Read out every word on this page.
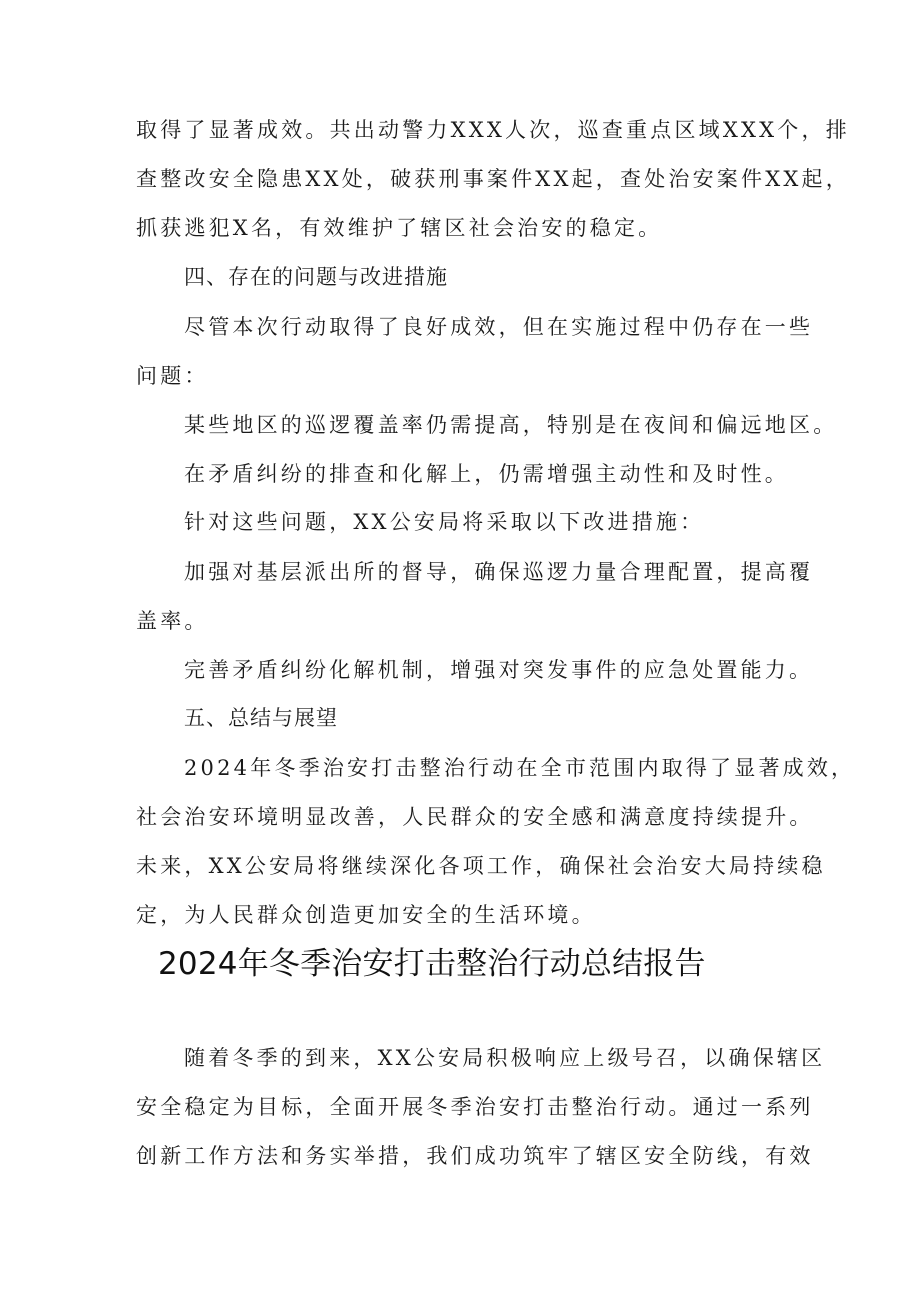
取得了显著成效。共出动警力XXX人次，巡查重点区域XXX个，排

查整改安全隐患XX处，破获刑事案件XX起，查处治安案件XX起，

抓获逃犯X名，有效维护了辖区社会治安的稳定。

四、存在的问题与改进措施

尽管本次行动取得了良好成效，但在实施过程中仍存在一些

问题：

某些地区的巡逻覆盖率仍需提高，特别是在夜间和偏远地区。

在矛盾纠纷的排查和化解上，仍需增强主动性和及时性。

针对这些问题，XX公安局将采取以下改进措施：

加强对基层派出所的督导，确保巡逻力量合理配置，提高覆

盖率。

完善矛盾纠纷化解机制，增强对突发事件的应急处置能力。

五、总结与展望

2024年冬季治安打击整治行动在全市范围内取得了显著成效，

社会治安环境明显改善，人民群众的安全感和满意度持续提升。

未来，XX公安局将继续深化各项工作，确保社会治安大局持续稳

定，为人民群众创造更加安全的生活环境。

2024年冬季治安打击整治行动总结报告

随着冬季的到来，XX公安局积极响应上级号召，以确保辖区

安全稳定为目标，全面开展冬季治安打击整治行动。通过一系列

创新工作方法和务实举措，我们成功筑牢了辖区安全防线，有效
